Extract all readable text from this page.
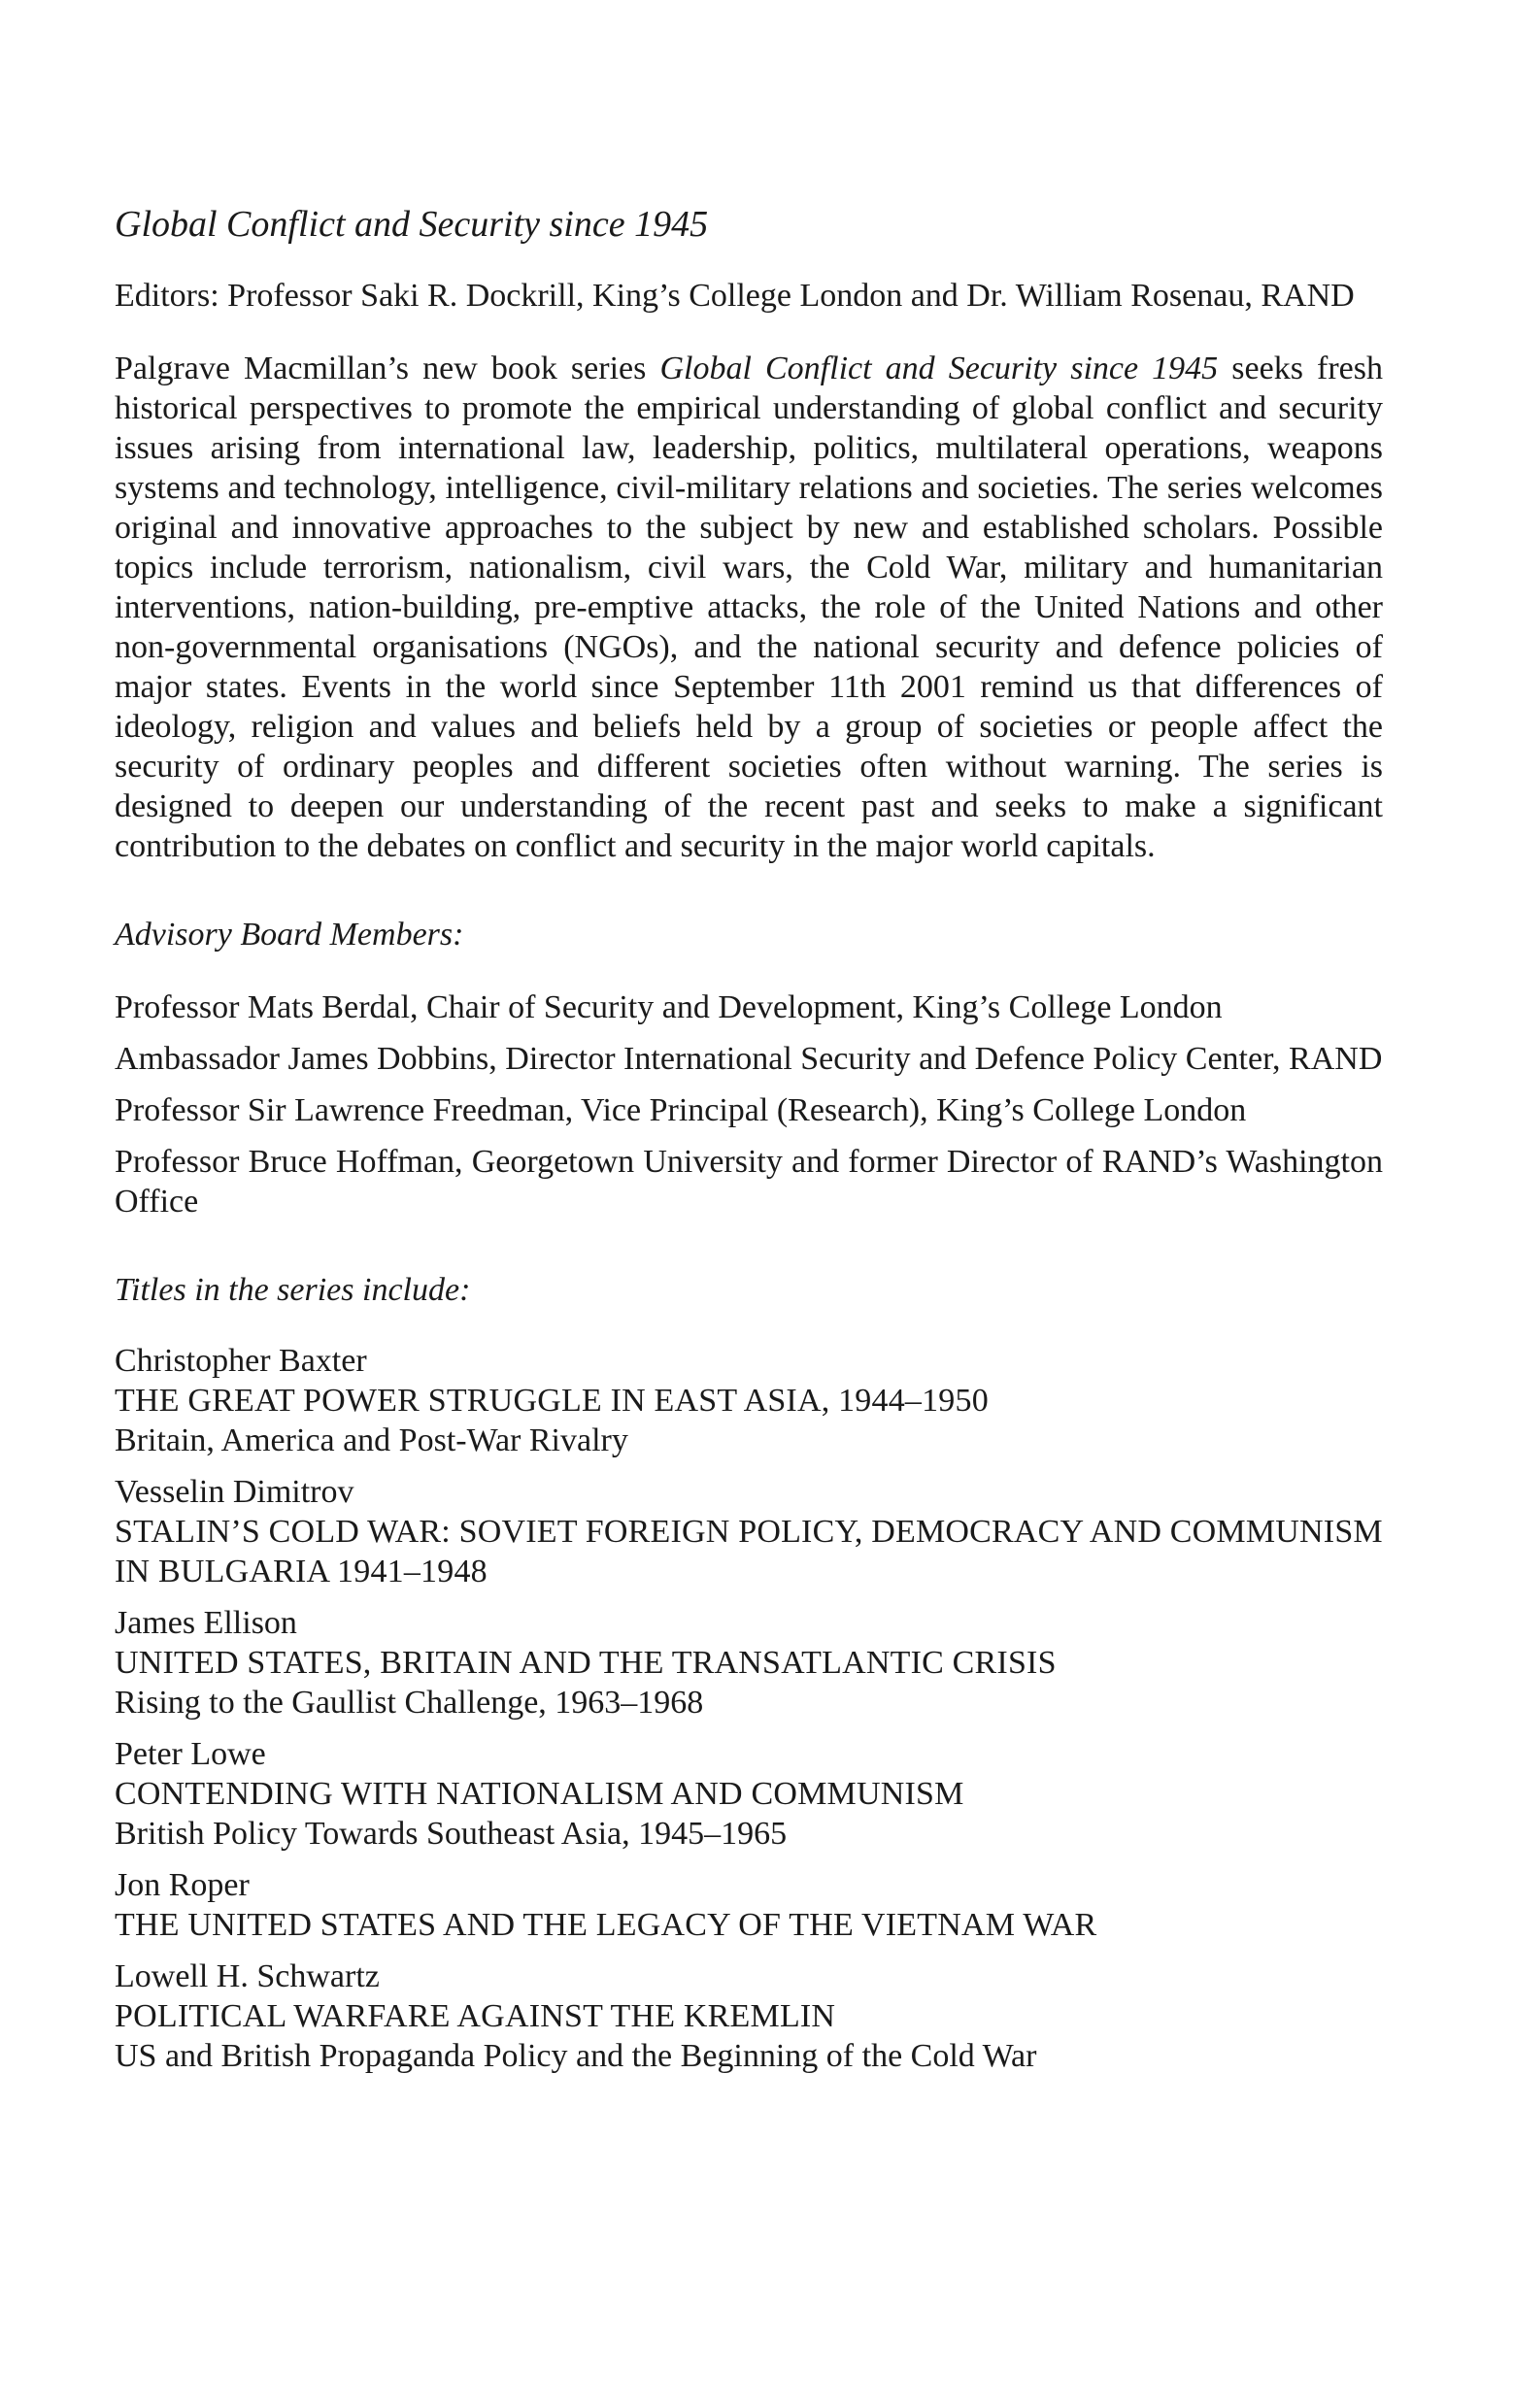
Global Conflict and Security since 1945
Editors: Professor Saki R. Dockrill, King’s College London and Dr. William Rosenau, RAND
Palgrave Macmillan’s new book series Global Conflict and Security since 1945 seeks fresh historical perspectives to promote the empirical understanding of global conflict and security issues arising from international law, leadership, politics, multilateral operations, weapons systems and technology, intelligence, civil-military relations and societies. The series welcomes original and innovative approaches to the subject by new and established scholars. Possible topics include terrorism, nationalism, civil wars, the Cold War, military and humanitarian interventions, nation-building, pre-emptive attacks, the role of the United Nations and other non-governmental organisations (NGOs), and the national security and defence policies of major states. Events in the world since September 11th 2001 remind us that differences of ideology, religion and values and beliefs held by a group of societies or people affect the security of ordinary peoples and different societies often without warning. The series is designed to deepen our understanding of the recent past and seeks to make a significant contribution to the debates on conflict and security in the major world capitals.
Advisory Board Members:
Professor Mats Berdal, Chair of Security and Development, King’s College London
Ambassador James Dobbins, Director International Security and Defence Policy Center, RAND
Professor Sir Lawrence Freedman, Vice Principal (Research), King’s College London
Professor Bruce Hoffman, Georgetown University and former Director of RAND’s Washington Office
Titles in the series include:
Christopher Baxter
THE GREAT POWER STRUGGLE IN EAST ASIA, 1944–1950
Britain, America and Post-War Rivalry
Vesselin Dimitrov
STALIN’S COLD WAR: SOVIET FOREIGN POLICY, DEMOCRACY AND COMMUNISM IN BULGARIA 1941–1948
James Ellison
UNITED STATES, BRITAIN AND THE TRANSATLANTIC CRISIS
Rising to the Gaullist Challenge, 1963–1968
Peter Lowe
CONTENDING WITH NATIONALISM AND COMMUNISM
British Policy Towards Southeast Asia, 1945–1965
Jon Roper
THE UNITED STATES AND THE LEGACY OF THE VIETNAM WAR
Lowell H. Schwartz
POLITICAL WARFARE AGAINST THE KREMLIN
US and British Propaganda Policy and the Beginning of the Cold War
